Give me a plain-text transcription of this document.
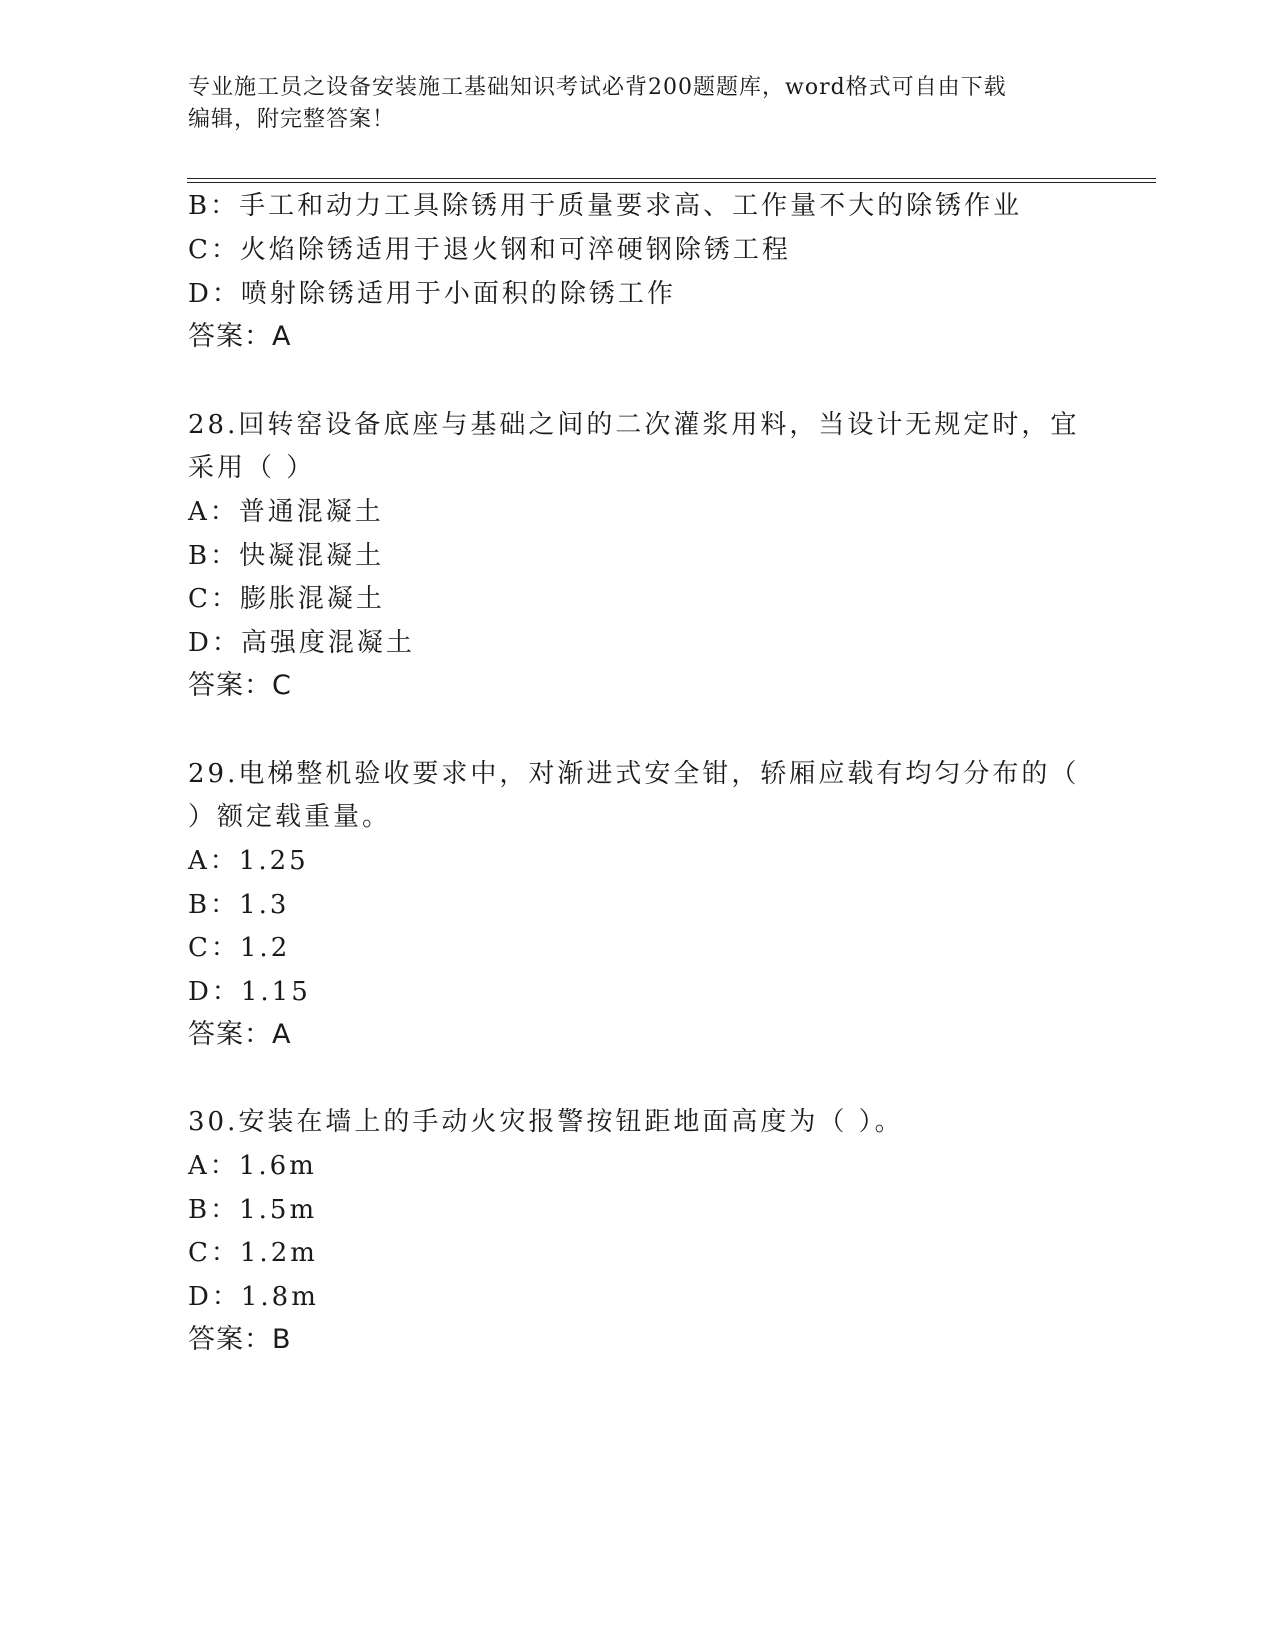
专业施工员之设备安装施工基础知识考试必背200题题库，word格式可自由下载
编辑，附完整答案！
B：手工和动力工具除锈用于质量要求高、工作量不大的除锈作业
C：火焰除锈适用于退火钢和可淬硬钢除锈工程
D：喷射除锈适用于小面积的除锈工作
答案：A
28.回转窑设备底座与基础之间的二次灌浆用料，当设计无规定时，宜
采用（ ）
A：普通混凝土
B：快凝混凝土
C：膨胀混凝土
D：高强度混凝土
答案：C
29.电梯整机验收要求中，对渐进式安全钳，轿厢应载有均匀分布的（
）额定载重量。
A：1.25
B：1.3
C：1.2
D：1.15
答案：A
30.安装在墙上的手动火灾报警按钮距地面高度为（ ）。
A：1.6m
B：1.5m
C：1.2m
D：1.8m
答案：B
